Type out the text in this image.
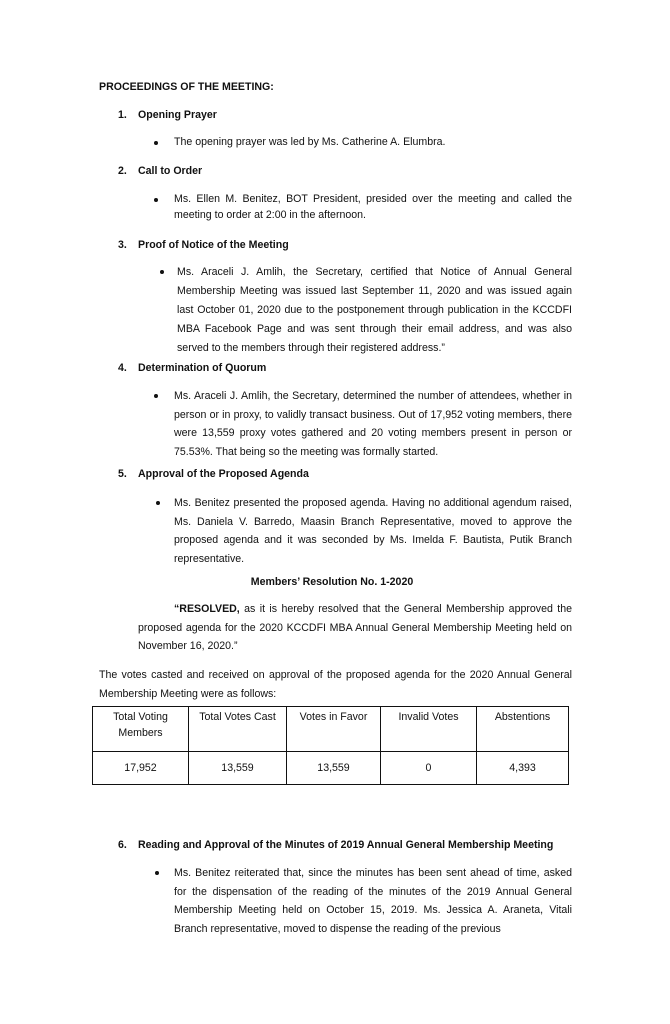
PROCEEDINGS OF THE MEETING:
1. Opening Prayer
The opening prayer was led by Ms. Catherine A. Elumbra.
2. Call to Order
Ms. Ellen M. Benitez, BOT President, presided over the meeting and called the meeting to order at 2:00 in the afternoon.
3. Proof of Notice of the Meeting
Ms. Araceli J. Amlih, the Secretary, certified that Notice of Annual General Membership Meeting was issued last September 11, 2020 and was issued again last October 01, 2020 due to the postponement through publication in the KCCDFI MBA Facebook Page and was sent through their email address, and was also served to the members through their registered address.”
4. Determination of Quorum
Ms. Araceli J. Amlih, the Secretary, determined the number of attendees, whether in person or in proxy, to validly transact business. Out of 17,952 voting members, there were 13,559 proxy votes gathered and 20 voting members present in person or 75.53%. That being so the meeting was formally started.
5. Approval of the Proposed Agenda
Ms. Benitez presented the proposed agenda. Having no additional agendum raised, Ms. Daniela V. Barredo, Maasin Branch Representative, moved to approve the proposed agenda and it was seconded by Ms. Imelda F. Bautista, Putik Branch representative.
Members’ Resolution No. 1-2020
“RESOLVED, as it is hereby resolved that the General Membership approved the proposed agenda for the 2020 KCCDFI MBA Annual General Membership Meeting held on November 16, 2020.”
The votes casted and received on approval of the proposed agenda for the 2020 Annual General Membership Meeting were as follows:
Total Voting Members	Total Votes Cast	Votes in Favor	Invalid Votes	Abstentions
17,952	13,559	13,559	0	4,393
6. Reading and Approval of the Minutes of 2019 Annual General Membership Meeting
Ms. Benitez reiterated that, since the minutes has been sent ahead of time, asked for the dispensation of the reading of the minutes of the 2019 Annual General Membership Meeting held on October 15, 2019. Ms. Jessica A. Araneta, Vitali Branch representative, moved to dispense the reading of the previous
